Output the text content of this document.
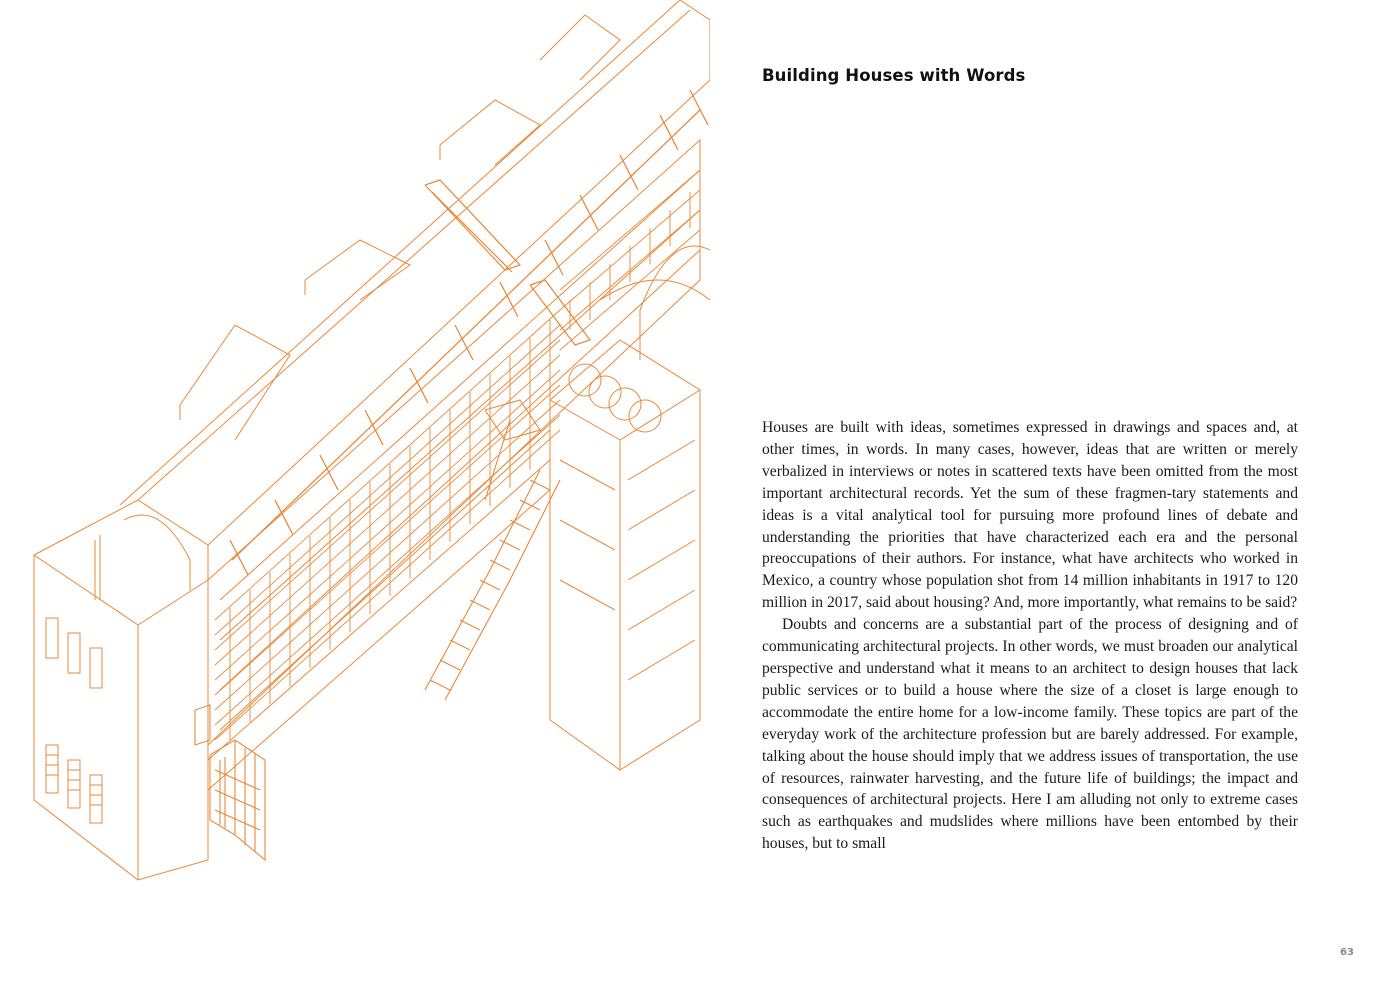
Building Houses with Words

Houses are built with ideas, sometimes expressed in drawings and spaces and, at other times, in words. In many cases, however, ideas that are written or merely verbalized in interviews or notes in scattered texts have been omitted from the most important architectural records. Yet the sum of these fragmen-tary statements and ideas is a vital analytical tool for pursuing more profound lines of debate and understanding the priorities that have characterized each era and the personal preoccupations of their authors. For instance, what have architects who worked in Mexico, a country whose population shot from 14 million inhabitants in 1917 to 120 million in 2017, said about housing? And, more importantly, what remains to be said?

Doubts and concerns are a substantial part of the process of designing and of communicating architectural projects. In other words, we must broaden our analytical perspective and understand what it means to an architect to design houses that lack public services or to build a house where the size of a closet is large enough to accommodate the entire home for a low-income family. These topics are part of the everyday work of the architecture profession but are barely addressed. For example, talking about the house should imply that we address issues of transportation, the use of resources, rainwater harvesting, and the future life of buildings; the impact and consequences of architectural projects. Here I am alluding not only to extreme cases such as earthquakes and mudslides where millions have been entombed by their houses, but to small

63
